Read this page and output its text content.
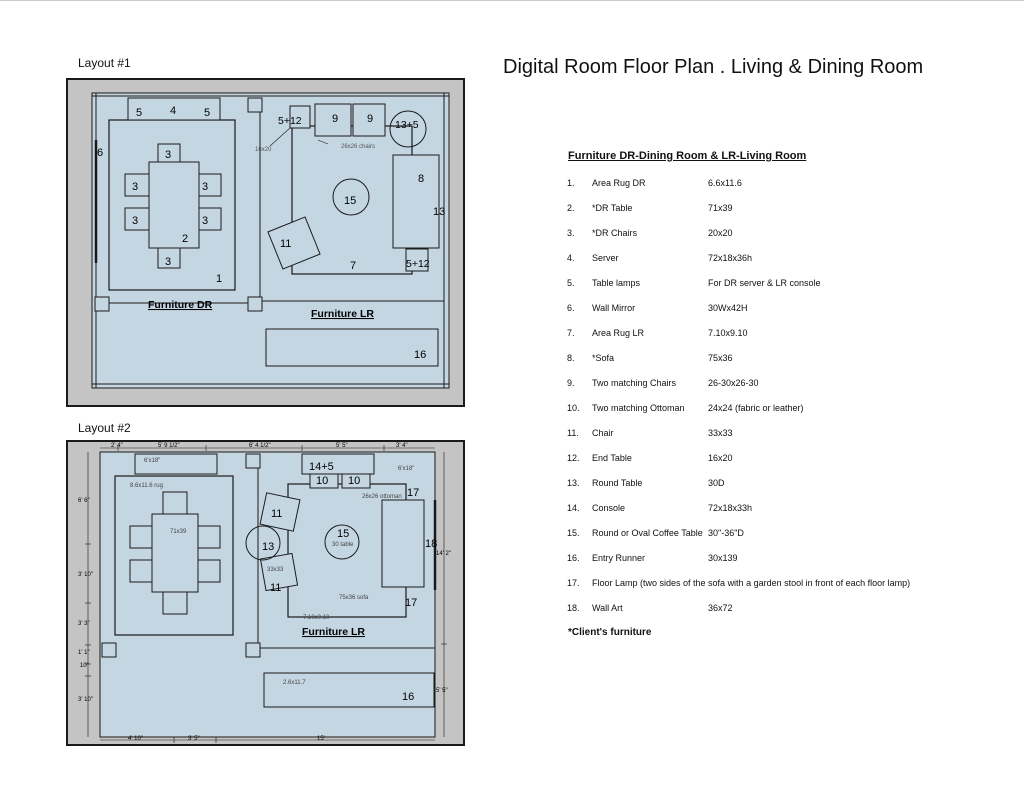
Layout #1
5	4	5
6	3
3
3
3
3
2
3
1
Furniture DR
5+12
16x20
9	9
26x26 chairs
13+5
15
8
13
11
7	5+12
Furniture LR
16
Layout #2
2' 4"	5' 9 1/2"	6' 4 1/2"	5' 5"	3' 4"
6' 6"
3' 10"
3' 3"
1' 1"
10"
3' 10"
14' 2"
5' 5"
4' 10"	3' 5"	15'
6'x18"
8.6x11.6 rug
71x39
6'x18"
26x26 ottoman
30 table
33x33
75x36 sofa
7.10x9.10
2.6x11.7
14+5
10 10
17
11
13
11
15
18
17
Furniture LR
16
Digital Room Floor Plan . Living & Dining Room
Furniture DR-Dining Room & LR-Living Room
1.	Area Rug DR	6.6x11.6
2.	*DR Table	71x39
3.	*DR Chairs	20x20
4.	Server	72x18x36h
5.	Table lamps	For DR server & LR console
6.	Wall Mirror	30Wx42H
7.	Area Rug LR	7.10x9.10
8.	*Sofa	75x36
9.	Two matching Chairs	26-30x26-30
10.	Two matching Ottoman	24x24 (fabric or leather)
11.	Chair	33x33
12.	End Table	16x20
13.	Round Table	30D
14.	Console	72x18x33h
15.	Round or Oval Coffee Table 30"-36"D
16.	Entry Runner	30x139
17.	Floor Lamp (two sides of the sofa with a garden stool in front of each floor lamp)
18.	Wall Art	36x72
*Client's furniture
